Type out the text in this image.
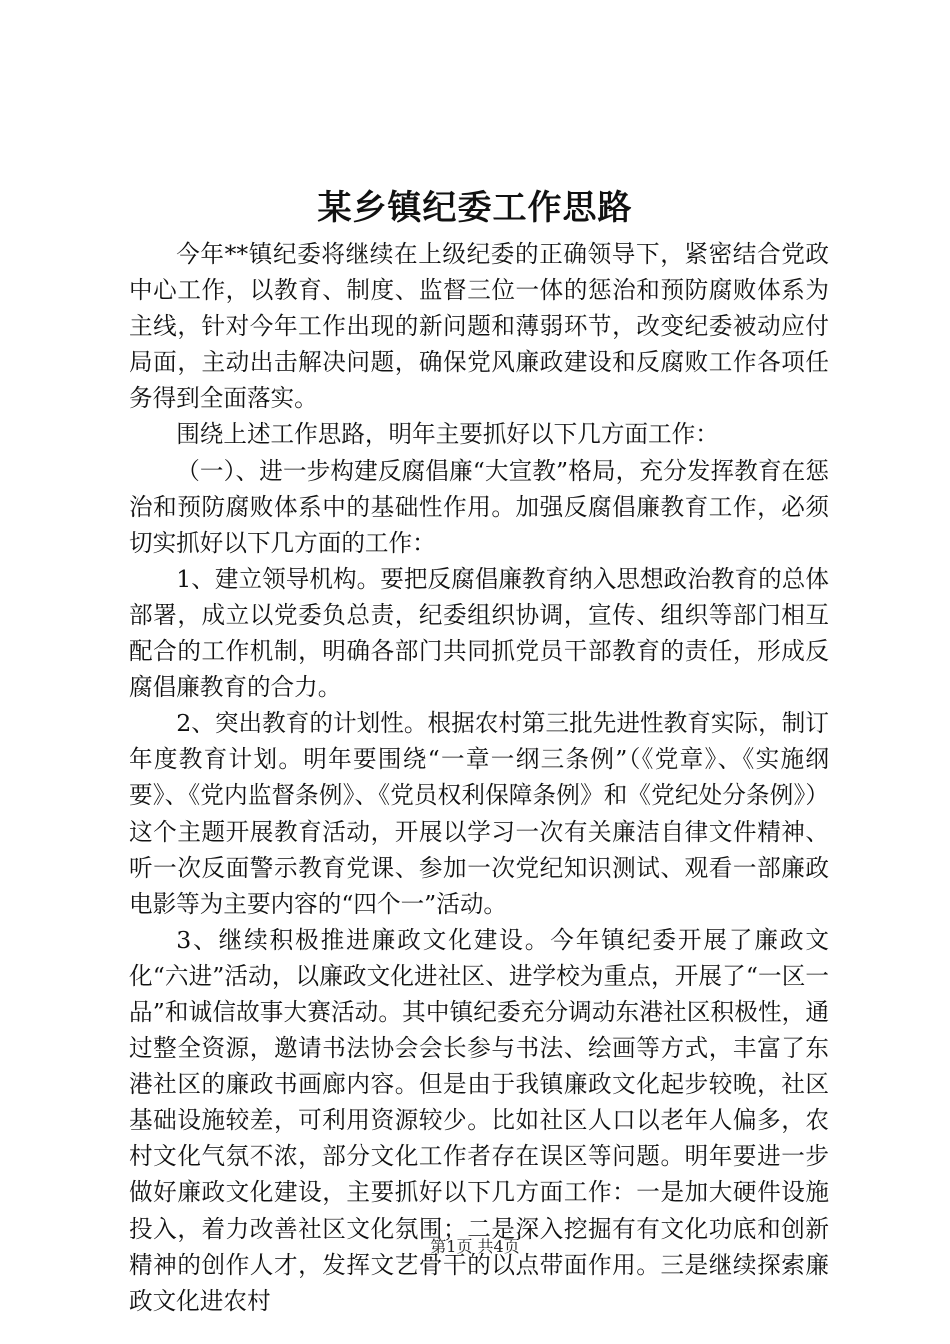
某乡镇纪委工作思路

今年**镇纪委将继续在上级纪委的正确领导下，紧密结合党政中心工作，以教育、制度、监督三位一体的惩治和预防腐败体系为主线，针对今年工作出现的新问题和薄弱环节，改变纪委被动应付局面，主动出击解决问题，确保党风廉政建设和反腐败工作各项任务得到全面落实。

围绕上述工作思路，明年主要抓好以下几方面工作：

（一）、进一步构建反腐倡廉“大宣教”格局，充分发挥教育在惩治和预防腐败体系中的基础性作用。加强反腐倡廉教育工作，必须切实抓好以下几方面的工作：

1、建立领导机构。要把反腐倡廉教育纳入思想政治教育的总体部署，成立以党委负总责，纪委组织协调，宣传、组织等部门相互配合的工作机制，明确各部门共同抓党员干部教育的责任，形成反腐倡廉教育的合力。

2、突出教育的计划性。根据农村第三批先进性教育实际，制订年度教育计划。明年要围绕“一章一纲三条例”（《党章》、《实施纲要》、《党内监督条例》、《党员权利保障条例》和《党纪处分条例》）这个主题开展教育活动，开展以学习一次有关廉洁自律文件精神、听一次反面警示教育党课、参加一次党纪知识测试、观看一部廉政电影等为主要内容的“四个一”活动。

3、继续积极推进廉政文化建设。今年镇纪委开展了廉政文化“六进”活动，以廉政文化进社区、进学校为重点，开展了“一区一品”和诚信故事大赛活动。其中镇纪委充分调动东港社区积极性，通过整全资源，邀请书法协会会长参与书法、绘画等方式，丰富了东港社区的廉政书画廊内容。但是由于我镇廉政文化起步较晚，社区基础设施较差，可利用资源较少。比如社区人口以老年人偏多，农村文化气氛不浓，部分文化工作者存在误区等问题。明年要进一步做好廉政文化建设，主要抓好以下几方面工作：一是加大硬件设施投入，着力改善社区文化氛围；二是深入挖掘有有文化功底和创新精神的创作人才，发挥文艺骨干的以点带面作用。三是继续探索廉政文化进农村

第1页 共4页
